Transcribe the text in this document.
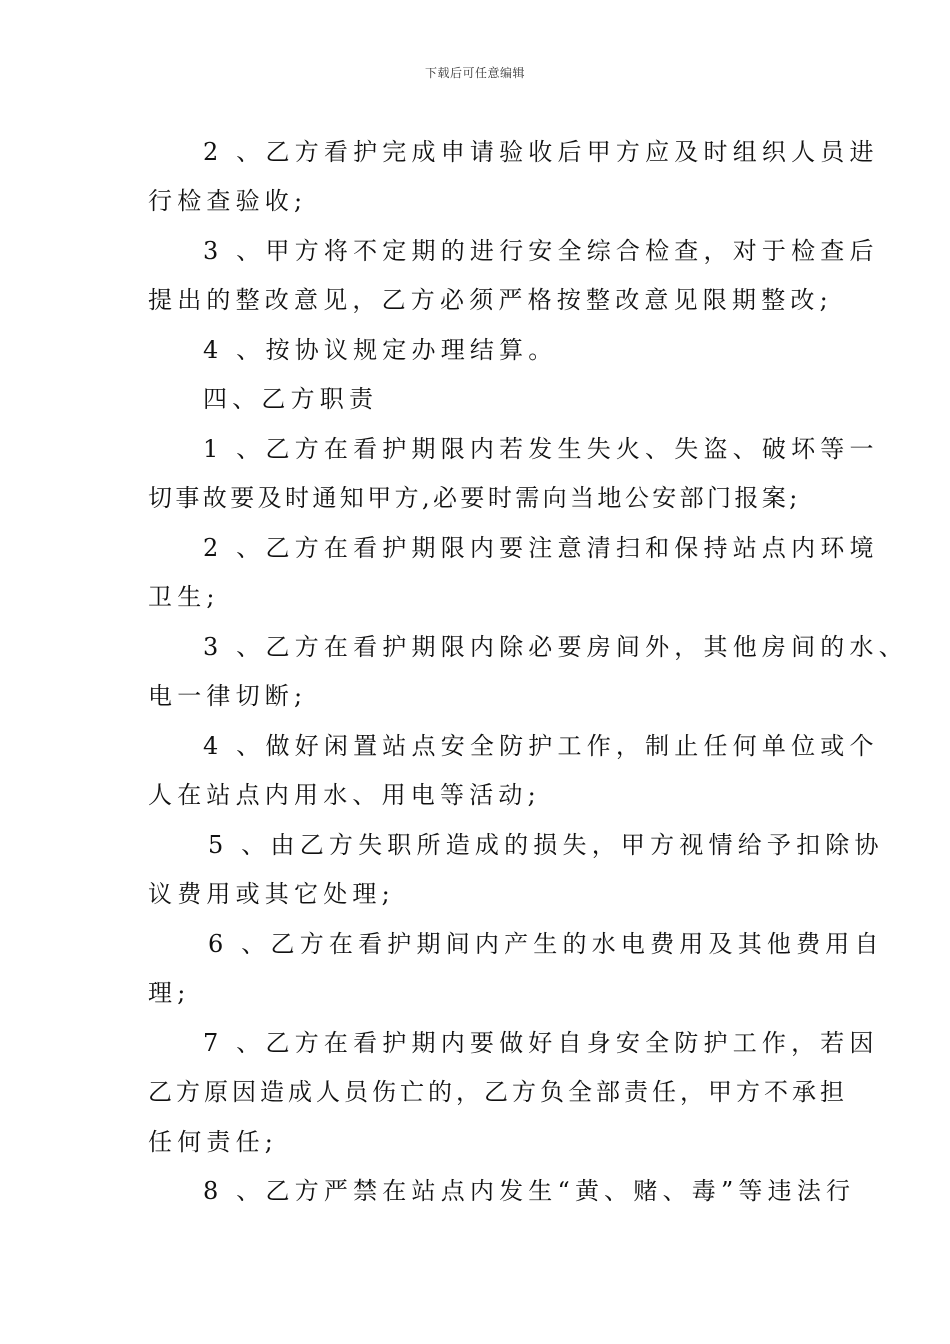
下载后可任意编辑
2 、乙方看护完成申请验收后甲方应及时组织人员进
行检查验收;
3 、甲方将不定期的进行安全综合检查，对于检查后
提出的整改意见，乙方必须严格按整改意见限期整改;
4 、按协议规定办理结算。
四、乙方职责
1 、乙方在看护期限内若发生失火、失盗、破坏等一
切事故要及时通知甲方,必要时需向当地公安部门报案;
2 、乙方在看护期限内要注意清扫和保持站点内环境
卫生;
3 、乙方在看护期限内除必要房间外，其他房间的水、
电一律切断;
4 、做好闲置站点安全防护工作，制止任何单位或个
人在站点内用水、用电等活动;
5 、由乙方失职所造成的损失，甲方视情给予扣除协
议费用或其它处理;
6 、乙方在看护期间内产生的水电费用及其他费用自
理;
7 、乙方在看护期内要做好自身安全防护工作，若因
乙方原因造成人员伤亡的，乙方负全部责任，甲方不承担
任何责任;
8 、乙方严禁在站点内发生“黄、赌、毒”等违法行
